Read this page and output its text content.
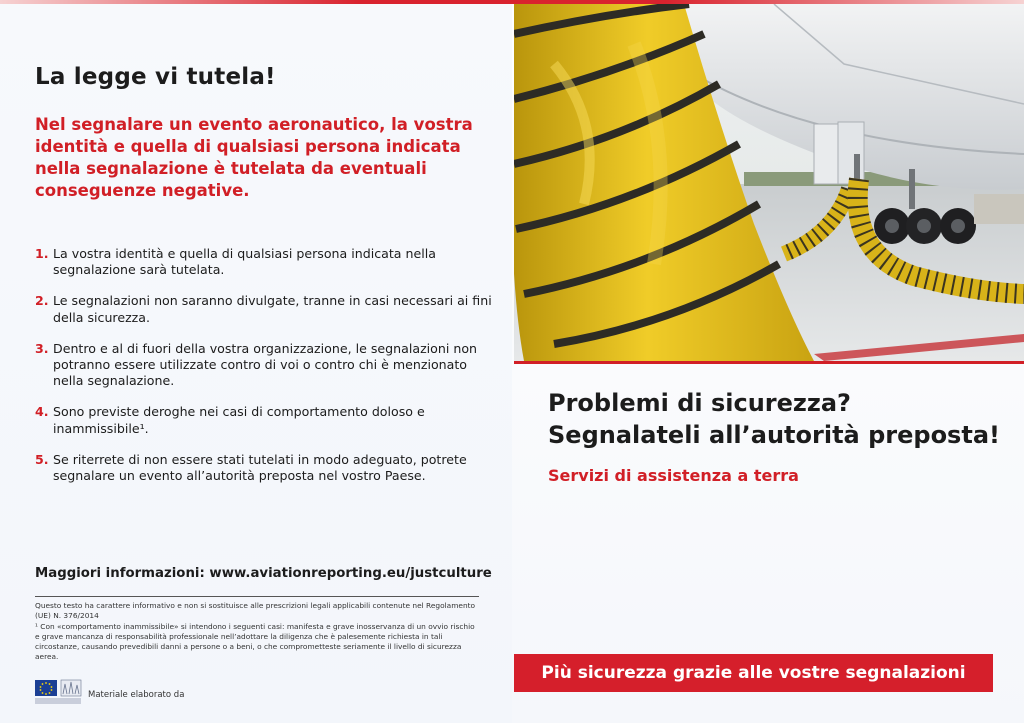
La legge vi tutela!

Nel segnalare un evento aeronautico, la vostra identità e quella di qualsiasi persona indicata nella segnalazione è tutelata da eventuali conseguenze negative.

1. La vostra identità e quella di qualsiasi persona indicata nella segnalazione sarà tutelata.
2. Le segnalazioni non saranno divulgate, tranne in casi necessari ai fini della sicurezza.
3. Dentro e al di fuori della vostra organizzazione, le segnalazioni non potranno essere utilizzate contro di voi o contro chi è menzionato nella segnalazione.
4. Sono previste deroghe nei casi di comportamento doloso e inammissibile¹.
5. Se riterrete di non essere stati tutelati in modo adeguato, potrete segnalare un evento all’autorità preposta nel vostro Paese.
Maggiori informazioni: www.aviationreporting.eu/justculture
Questo testo ha carattere informativo e non si sostituisce alle prescrizioni legali applicabili contenute nel Regolamento (UE) N. 376/2014
¹ Con «comportamento inammissibile» si intendono i seguenti casi: manifesta e grave inosservanza di un ovvio rischio e grave mancanza di responsabilità professionale nell’adottare la diligenza che è palesemente richiesta in tali circostanze, causando prevedibili danni a persone o a beni, o che comprometteste seriamente il livello di sicurezza aerea.
Materiale elaborato da
Problemi di sicurezza?
Segnalateli all’autorità preposta!
Servizi di assistenza a terra
Più sicurezza grazie alle vostre segnalazioni
